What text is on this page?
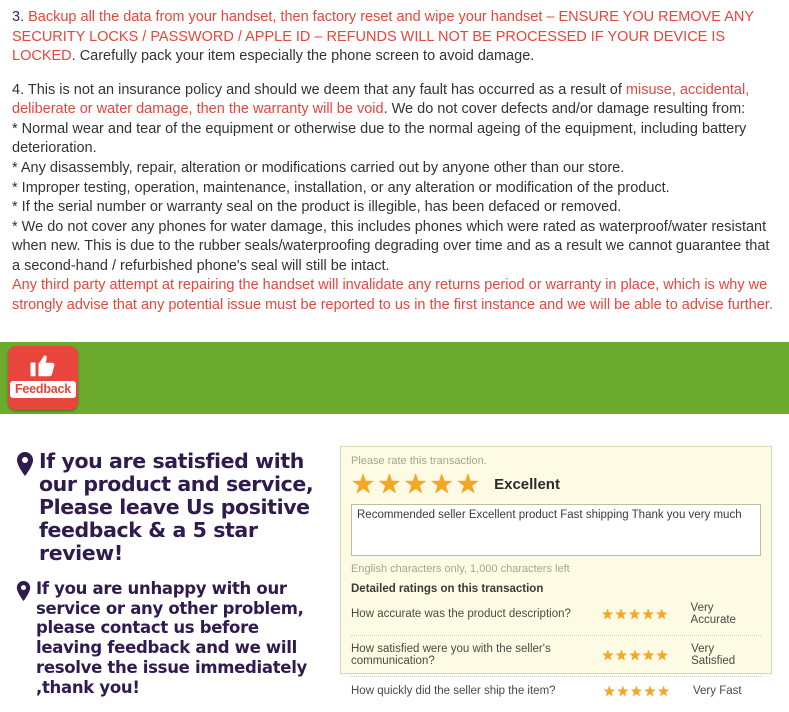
3. Backup all the data from your handset, then factory reset and wipe your handset – ENSURE YOU REMOVE ANY SECURITY LOCKS / PASSWORD / APPLE ID – REFUNDS WILL NOT BE PROCESSED IF YOUR DEVICE IS LOCKED. Carefully pack your item especially the phone screen to avoid damage.

4. This is not an insurance policy and should we deem that any fault has occurred as a result of misuse, accidental, deliberate or water damage, then the warranty will be void. We do not cover defects and/or damage resulting from:

* Normal wear and tear of the equipment or otherwise due to the normal ageing of the equipment, including battery deterioration.

* Any disassembly, repair, alteration or modifications carried out by anyone other than our store.

* Improper testing, operation, maintenance, installation, or any alteration or modification of the product.

* If the serial number or warranty seal on the product is illegible, has been defaced or removed.

* We do not cover any phones for water damage, this includes phones which were rated as waterproof/water resistant when new. This is due to the rubber seals/waterproofing degrading over time and as a result we cannot guarantee that a second-hand / refurbished phone's seal will still be intact.

Any third party attempt at repairing the handset will invalidate any returns period or warranty in place, which is why we strongly advise that any potential issue must be reported to us in the first instance and we will be able to advise further.

Feedback
If you are satisfied with our product and service, Please leave Us positive feedback & a 5 star review!
If you are unhappy with our service or any other problem, please contact us before leaving feedback and we will resolve the issue immediately ,thank you!
Please rate this transaction.
★ ★ ★ ★ ★ Excellent
Recommended seller Excellent product Fast shipping Thank you very much
English characters only, 1,000 characters left
Detailed ratings on this transaction
How accurate was the product description?	★ ★ ★ ★ ★ Very Accurate
How satisfied were you with the seller's communication?	★ ★ ★ ★ ★ Very Satisfied
How quickly did the seller ship the item?	★ ★ ★ ★ ★ Very Fast
